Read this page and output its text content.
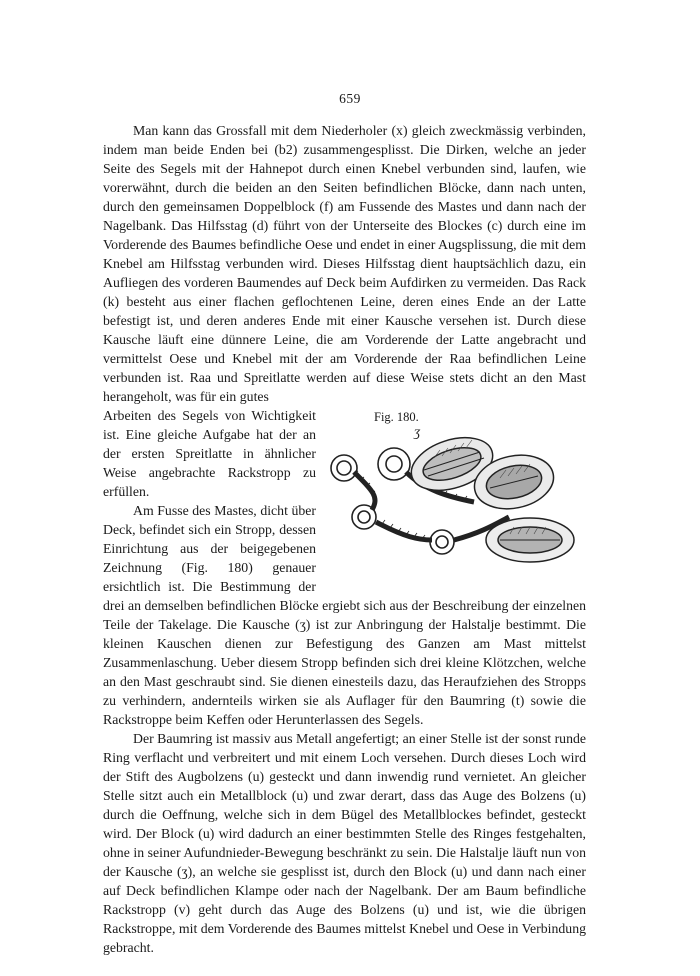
659

Man kann das Grossfall mit dem Niederholer (x) gleich zweckmässig verbinden, indem man beide Enden bei (b2) zusammengesplisst. Die Dirken, welche an jeder Seite des Segels mit der Hahnepot durch einen Knebel verbunden sind, laufen, wie vorerwähnt, durch die beiden an den Seiten befindlichen Blöcke, dann nach unten, durch den gemeinsamen Doppelblock (f) am Fussende des Mastes und dann nach der Nagelbank. Das Hilfsstag (d) führt von der Unterseite des Blockes (c) durch eine im Vorderende des Baumes befindliche Oese und endet in einer Augsplissung, die mit dem Knebel am Hilfsstag verbunden wird. Dieses Hilfsstag dient hauptsächlich dazu, ein Aufliegen des vorderen Baumendes auf Deck beim Aufdirken zu vermeiden. Das Rack (k) besteht aus einer flachen geflochtenen Leine, deren eines Ende an der Latte befestigt ist, und deren anderes Ende mit einer Kausche versehen ist. Durch diese Kausche läuft eine dünnere Leine, die am Vorderende der Latte angebracht und vermittelst Oese und Knebel mit der am Vorderende der Raa befindlichen Leine verbunden ist. Raa und Spreitlatte werden auf diese Weise stets dicht an den Mast herangeholt, was für ein gutes

Fig. 180.
ʒ

Arbeiten des Segels von Wichtigkeit ist. Eine gleiche Aufgabe hat der an der ersten Spreitlatte in ähnlicher Weise angebrachte Rackstropp zu erfüllen.

Am Fusse des Mastes, dicht über Deck, befindet sich ein Stropp, dessen Einrichtung aus der beigegebenen Zeichnung (Fig. 180) genauer ersichtlich ist. Die Bestimmung der drei an demselben befindlichen Blöcke ergiebt sich aus der Beschreibung der einzelnen Teile der Takelage. Die Kausche (ʒ) ist zur Anbringung der Halstalje bestimmt. Die kleinen Kauschen dienen zur Befestigung des Ganzen am Mast mittelst Zusammenlaschung. Ueber diesem Stropp befinden sich drei kleine Klötzchen, welche an den Mast geschraubt sind. Sie dienen einesteils dazu, das Heraufziehen des Stropps zu verhindern, andernteils wirken sie als Auflager für den Baumring (t) sowie die Rackstroppe beim Keffen oder Herunterlassen des Segels.

Der Baumring ist massiv aus Metall angefertigt; an einer Stelle ist der sonst runde Ring verflacht und verbreitert und mit einem Loch versehen. Durch dieses Loch wird der Stift des Augbolzens (u) gesteckt und dann inwendig rund vernietet. An gleicher Stelle sitzt auch ein Metallblock (u) und zwar derart, dass das Auge des Bolzens (u) durch die Oeffnung, welche sich in dem Bügel des Metallblockes befindet, gesteckt wird. Der Block (u) wird dadurch an einer bestimmten Stelle des Ringes festgehalten, ohne in seiner Aufundnieder-Bewegung beschränkt zu sein. Die Halstalje läuft nun von der Kausche (ʒ), an welche sie gesplisst ist, durch den Block (u) und dann nach einer auf Deck befindlichen Klampe oder nach der Nagelbank. Der am Baum befindliche Rackstropp (v) geht durch das Auge des Bolzens (u) und ist, wie die übrigen Rackstroppe, mit dem Vorderende des Baumes mittelst Knebel und Oese in Verbindung gebracht.
